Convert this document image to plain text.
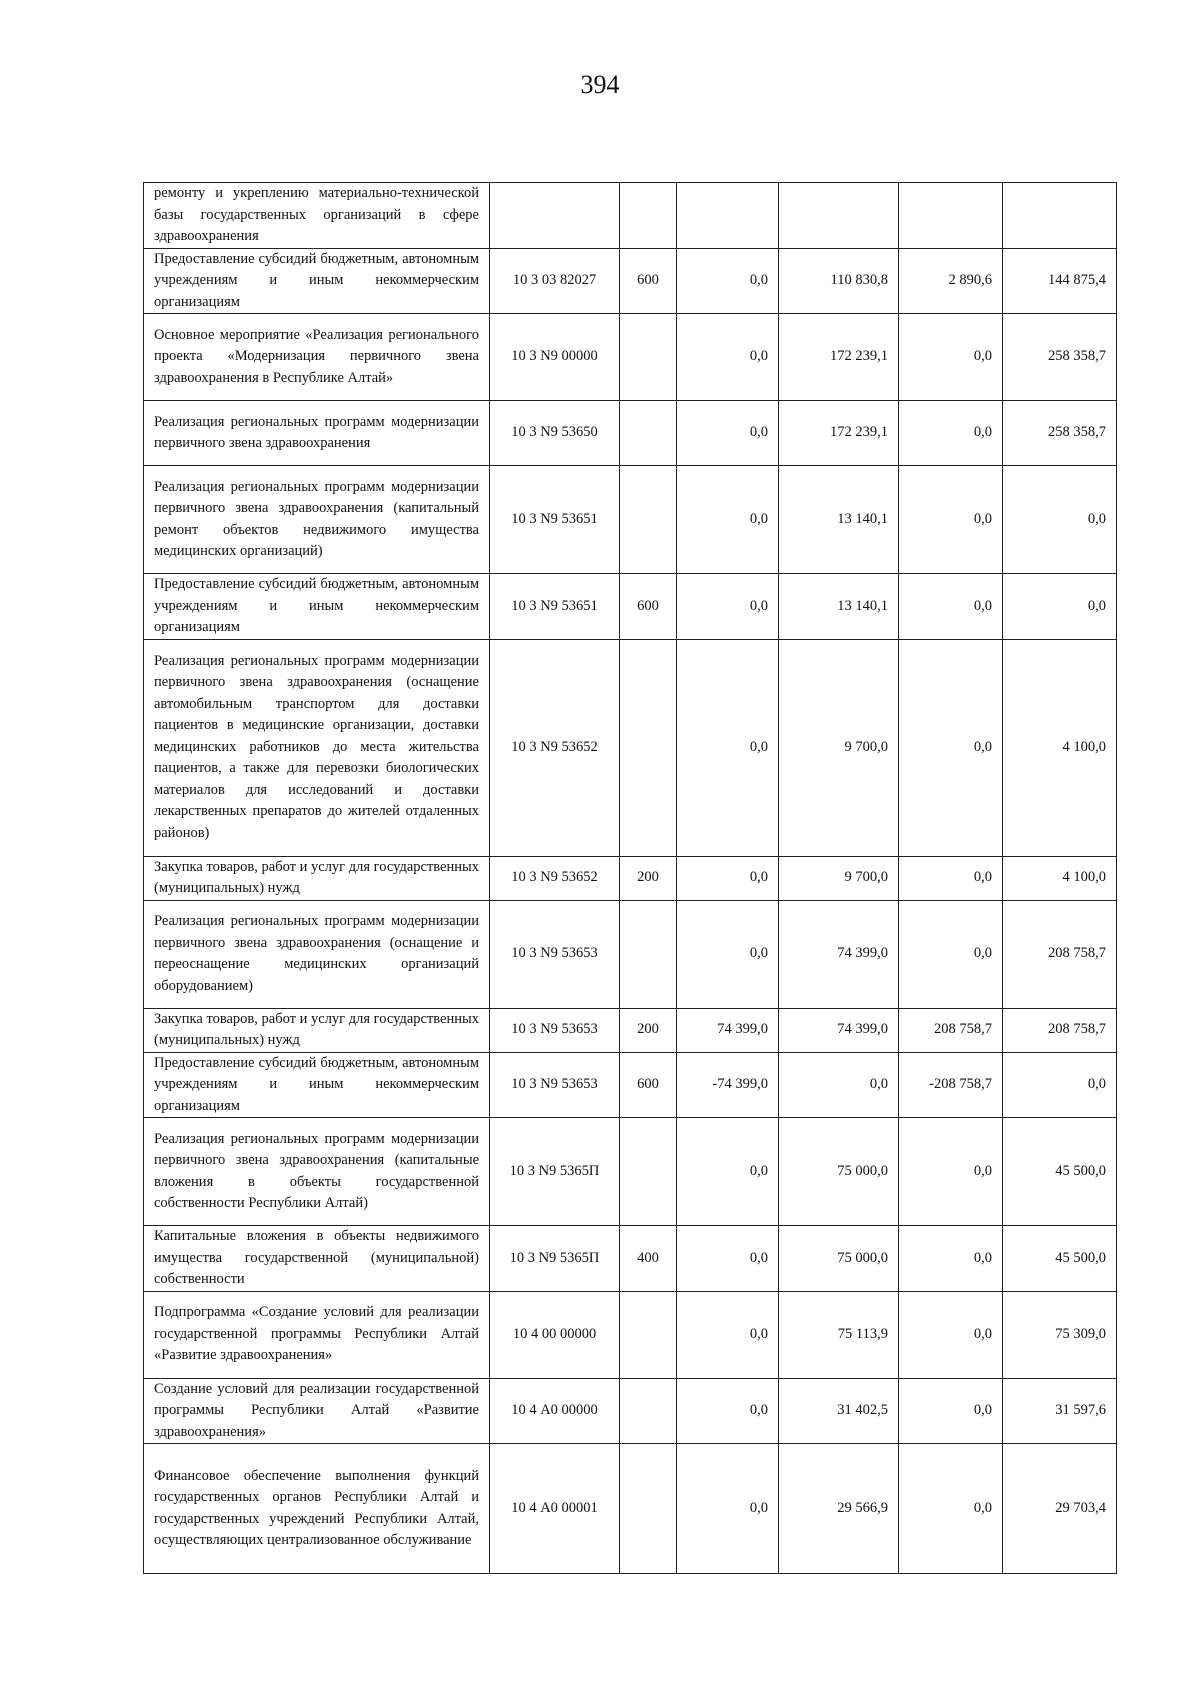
394
ремонту и укреплению материально-технической базы государственных организаций в сфере здравоохранения						
Предоставление субсидий бюджетным, автономным учреждениям и иным некоммерческим организациям	10 3 03 82027	600	0,0	110 830,8	2 890,6	144 875,4
Основное мероприятие «Реализация регионального проекта «Модернизация первичного звена здравоохранения в Республике Алтай»	10 3 N9 00000		0,0	172 239,1	0,0	258 358,7
Реализация региональных программ модернизации первичного звена здравоохранения	10 3 N9 53650		0,0	172 239,1	0,0	258 358,7
Реализация региональных программ модернизации первичного звена здравоохранения (капитальный ремонт объектов недвижимого имущества медицинских организаций)	10 3 N9 53651		0,0	13 140,1	0,0	0,0
Предоставление субсидий бюджетным, автономным учреждениям и иным некоммерческим организациям	10 3 N9 53651	600	0,0	13 140,1	0,0	0,0
Реализация региональных программ модернизации первичного звена здравоохранения (оснащение автомобильным транспортом для доставки пациентов в медицинские организации, доставки медицинских работников до места жительства пациентов, а также для перевозки биологических материалов для исследований и доставки лекарственных препаратов до жителей отдаленных районов)	10 3 N9 53652		0,0	9 700,0	0,0	4 100,0
Закупка товаров, работ и услуг для государственных (муниципальных) нужд	10 3 N9 53652	200	0,0	9 700,0	0,0	4 100,0
Реализация региональных программ модернизации первичного звена здравоохранения (оснащение и переоснащение медицинских организаций оборудованием)	10 3 N9 53653		0,0	74 399,0	0,0	208 758,7
Закупка товаров, работ и услуг для государственных (муниципальных) нужд	10 3 N9 53653	200	74 399,0	74 399,0	208 758,7	208 758,7
Предоставление субсидий бюджетным, автономным учреждениям и иным некоммерческим организациям	10 3 N9 53653	600	-74 399,0	0,0	-208 758,7	0,0
Реализация региональных программ модернизации первичного звена здравоохранения (капитальные вложения в объекты государственной собственности Республики Алтай)	10 3 N9 5365П		0,0	75 000,0	0,0	45 500,0
Капитальные вложения в объекты недвижимого имущества государственной (муниципальной) собственности	10 3 N9 5365П	400	0,0	75 000,0	0,0	45 500,0
Подпрограмма «Создание условий для реализации государственной программы Республики Алтай «Развитие здравоохранения»	10 4 00 00000		0,0	75 113,9	0,0	75 309,0
Создание условий для реализации государственной программы Республики Алтай «Развитие здравоохранения»	10 4 А0 00000		0,0	31 402,5	0,0	31 597,6
Финансовое обеспечение выполнения функций государственных органов Республики Алтай и государственных учреждений Республики Алтай, осуществляющих централизованное обслуживание	10 4 А0 00001		0,0	29 566,9	0,0	29 703,4
